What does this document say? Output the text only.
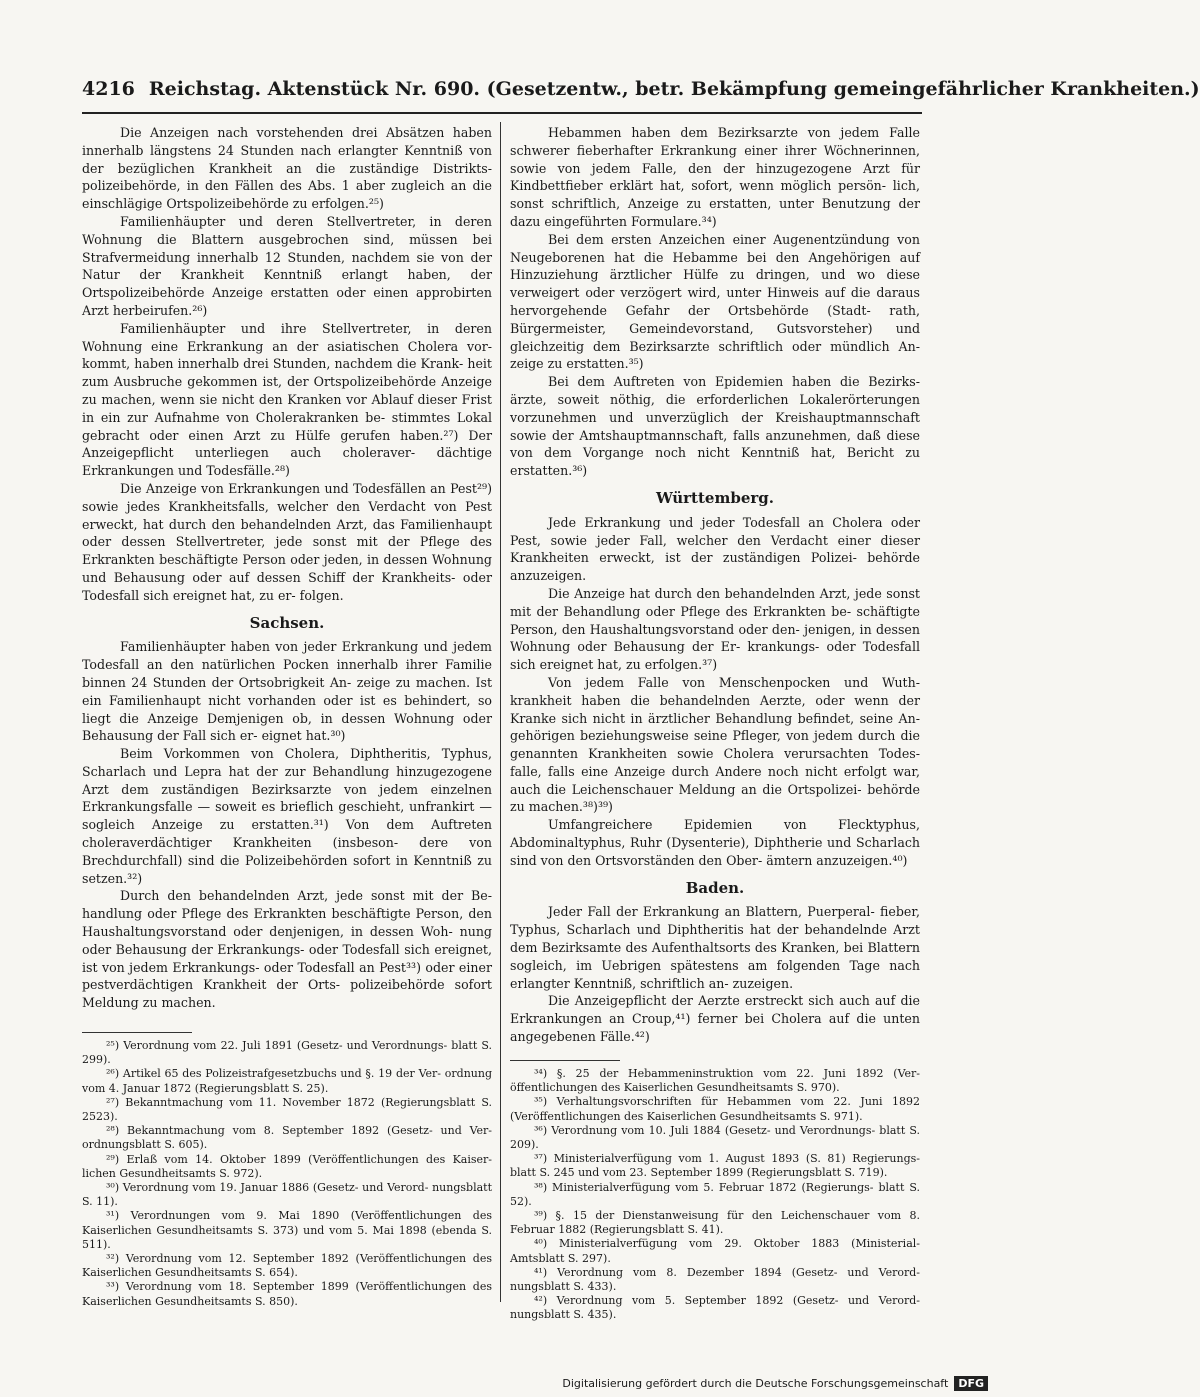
4216 Reichstag. Aktenstück Nr. 690. (Gesetzentw., betr. Bekämpfung gemeingefährlicher Krankheiten.)

Die Anzeigen nach vorstehenden drei Absätzen haben innerhalb längstens 24 Stunden nach erlangter Kenntniß von der bezüglichen Krankheit an die zuständige Distrikts- polizeibehörde, in den Fällen des Abs. 1 aber zugleich an die einschlägige Ortspolizeibehörde zu erfolgen.²⁵)

Familienhäupter und deren Stellvertreter, in deren Wohnung die Blattern ausgebrochen sind, müssen bei Strafvermeidung innerhalb 12 Stunden, nachdem sie von der Natur der Krankheit Kenntniß erlangt haben, der Ortspolizeibehörde Anzeige erstatten oder einen approbirten Arzt herbeirufen.²⁶)

Familienhäupter und ihre Stellvertreter, in deren Wohnung eine Erkrankung an der asiatischen Cholera vor- kommt, haben innerhalb drei Stunden, nachdem die Krank- heit zum Ausbruche gekommen ist, der Ortspolizeibehörde Anzeige zu machen, wenn sie nicht den Kranken vor Ablauf dieser Frist in ein zur Aufnahme von Cholerakranken be- stimmtes Lokal gebracht oder einen Arzt zu Hülfe gerufen haben.²⁷) Der Anzeigepflicht unterliegen auch choleraver- dächtige Erkrankungen und Todesfälle.²⁸)

Die Anzeige von Erkrankungen und Todesfällen an Pest²⁹) sowie jedes Krankheitsfalls, welcher den Verdacht von Pest erweckt, hat durch den behandelnden Arzt, das Familienhaupt oder dessen Stellvertreter, jede sonst mit der Pflege des Erkrankten beschäftigte Person oder jeden, in dessen Wohnung und Behausung oder auf dessen Schiff der Krankheits- oder Todesfall sich ereignet hat, zu er- folgen.

Sachsen.

Familienhäupter haben von jeder Erkrankung und jedem Todesfall an den natürlichen Pocken innerhalb ihrer Familie binnen 24 Stunden der Ortsobrigkeit An- zeige zu machen. Ist ein Familienhaupt nicht vorhanden oder ist es behindert, so liegt die Anzeige Demjenigen ob, in dessen Wohnung oder Behausung der Fall sich er- eignet hat.³⁰)

Beim Vorkommen von Cholera, Diphtheritis, Typhus, Scharlach und Lepra hat der zur Behandlung hinzugezogene Arzt dem zuständigen Bezirksarzte von jedem einzelnen Erkrankungsfalle — soweit es brieflich geschieht, unfrankirt — sogleich Anzeige zu erstatten.³¹) Von dem Auftreten choleraverdächtiger Krankheiten (insbeson- dere von Brechdurchfall) sind die Polizeibehörden sofort in Kenntniß zu setzen.³²)

Durch den behandelnden Arzt, jede sonst mit der Be- handlung oder Pflege des Erkrankten beschäftigte Person, den Haushaltungsvorstand oder denjenigen, in dessen Woh- nung oder Behausung der Erkrankungs- oder Todesfall sich ereignet, ist von jedem Erkrankungs- oder Todesfall an Pest³³) oder einer pestverdächtigen Krankheit der Orts- polizeibehörde sofort Meldung zu machen.

²⁵) Verordnung vom 22. Juli 1891 (Gesetz- und Verordnungs- blatt S. 299).
²⁶) Artikel 65 des Polizeistrafgesetzbuchs und §. 19 der Ver- ordnung vom 4. Januar 1872 (Regierungsblatt S. 25).
²⁷) Bekanntmachung vom 11. November 1872 (Regierungsblatt S. 2523).
²⁸) Bekanntmachung vom 8. September 1892 (Gesetz- und Ver- ordnungsblatt S. 605).
²⁹) Erlaß vom 14. Oktober 1899 (Veröffentlichungen des Kaiser- lichen Gesundheitsamts S. 972).
³⁰) Verordnung vom 19. Januar 1886 (Gesetz- und Verord- nungsblatt S. 11).
³¹) Verordnungen vom 9. Mai 1890 (Veröffentlichungen des Kaiserlichen Gesundheitsamts S. 373) und vom 5. Mai 1898 (ebenda S. 511).
³²) Verordnung vom 12. September 1892 (Veröffentlichungen des Kaiserlichen Gesundheitsamts S. 654).
³³) Verordnung vom 18. September 1899 (Veröffentlichungen des Kaiserlichen Gesundheitsamts S. 850).

Hebammen haben dem Bezirksarzte von jedem Falle schwerer fieberhafter Erkrankung einer ihrer Wöchnerinnen, sowie von jedem Falle, den der hinzugezogene Arzt für Kindbettfieber erklärt hat, sofort, wenn möglich persön- lich, sonst schriftlich, Anzeige zu erstatten, unter Benutzung der dazu eingeführten Formulare.³⁴)

Bei dem ersten Anzeichen einer Augenentzündung von Neugeborenen hat die Hebamme bei den Angehörigen auf Hinzuziehung ärztlicher Hülfe zu dringen, und wo diese verweigert oder verzögert wird, unter Hinweis auf die daraus hervorgehende Gefahr der Ortsbehörde (Stadt- rath, Bürgermeister, Gemeindevorstand, Gutsvorsteher) und gleichzeitig dem Bezirksarzte schriftlich oder mündlich An- zeige zu erstatten.³⁵)

Bei dem Auftreten von Epidemien haben die Bezirks- ärzte, soweit nöthig, die erforderlichen Lokalerörterungen vorzunehmen und unverzüglich der Kreishauptmannschaft sowie der Amtshauptmannschaft, falls anzunehmen, daß diese von dem Vorgange noch nicht Kenntniß hat, Bericht zu erstatten.³⁶)

Württemberg.

Jede Erkrankung und jeder Todesfall an Cholera oder Pest, sowie jeder Fall, welcher den Verdacht einer dieser Krankheiten erweckt, ist der zuständigen Polizei- behörde anzuzeigen.

Die Anzeige hat durch den behandelnden Arzt, jede sonst mit der Behandlung oder Pflege des Erkrankten be- schäftigte Person, den Haushaltungsvorstand oder den- jenigen, in dessen Wohnung oder Behausung der Er- krankungs- oder Todesfall sich ereignet hat, zu erfolgen.³⁷)

Von jedem Falle von Menschenpocken und Wuth- krankheit haben die behandelnden Aerzte, oder wenn der Kranke sich nicht in ärztlicher Behandlung befindet, seine An- gehörigen beziehungsweise seine Pfleger, von jedem durch die genannten Krankheiten sowie Cholera verursachten Todes- falle, falls eine Anzeige durch Andere noch nicht erfolgt war, auch die Leichenschauer Meldung an die Ortspolizei- behörde zu machen.³⁸)³⁹)

Umfangreichere Epidemien von Flecktyphus, Abdominaltyphus, Ruhr (Dysenterie), Diphtherie und Scharlach sind von den Ortsvorständen den Ober- ämtern anzuzeigen.⁴⁰)

Baden.

Jeder Fall der Erkrankung an Blattern, Puerperal- fieber, Typhus, Scharlach und Diphtheritis hat der behandelnde Arzt dem Bezirksamte des Aufenthaltsorts des Kranken, bei Blattern sogleich, im Uebrigen spätestens am folgenden Tage nach erlangter Kenntniß, schriftlich an- zuzeigen.

Die Anzeigepflicht der Aerzte erstreckt sich auch auf die Erkrankungen an Croup,⁴¹) ferner bei Cholera auf die unten angegebenen Fälle.⁴²)

³⁴) §. 25 der Hebammeninstruktion vom 22. Juni 1892 (Ver- öffentlichungen des Kaiserlichen Gesundheitsamts S. 970).
³⁵) Verhaltungsvorschriften für Hebammen vom 22. Juni 1892 (Veröffentlichungen des Kaiserlichen Gesundheitsamts S. 971).
³⁶) Verordnung vom 10. Juli 1884 (Gesetz- und Verordnungs- blatt S. 209).
³⁷) Ministerialverfügung vom 1. August 1893 (S. 81) Regierungs- blatt S. 245 und vom 23. September 1899 (Regierungsblatt S. 719).
³⁸) Ministerialverfügung vom 5. Februar 1872 (Regierungs- blatt S. 52).
³⁹) §. 15 der Dienstanweisung für den Leichenschauer vom 8. Februar 1882 (Regierungsblatt S. 41).
⁴⁰) Ministerialverfügung vom 29. Oktober 1883 (Ministerial- Amtsblatt S. 297).
⁴¹) Verordnung vom 8. Dezember 1894 (Gesetz- und Verord- nungsblatt S. 433).
⁴²) Verordnung vom 5. September 1892 (Gesetz- und Verord- nungsblatt S. 435).
Digitalisierung gefördert durch die Deutsche Forschungsgemeinschaft DFG
